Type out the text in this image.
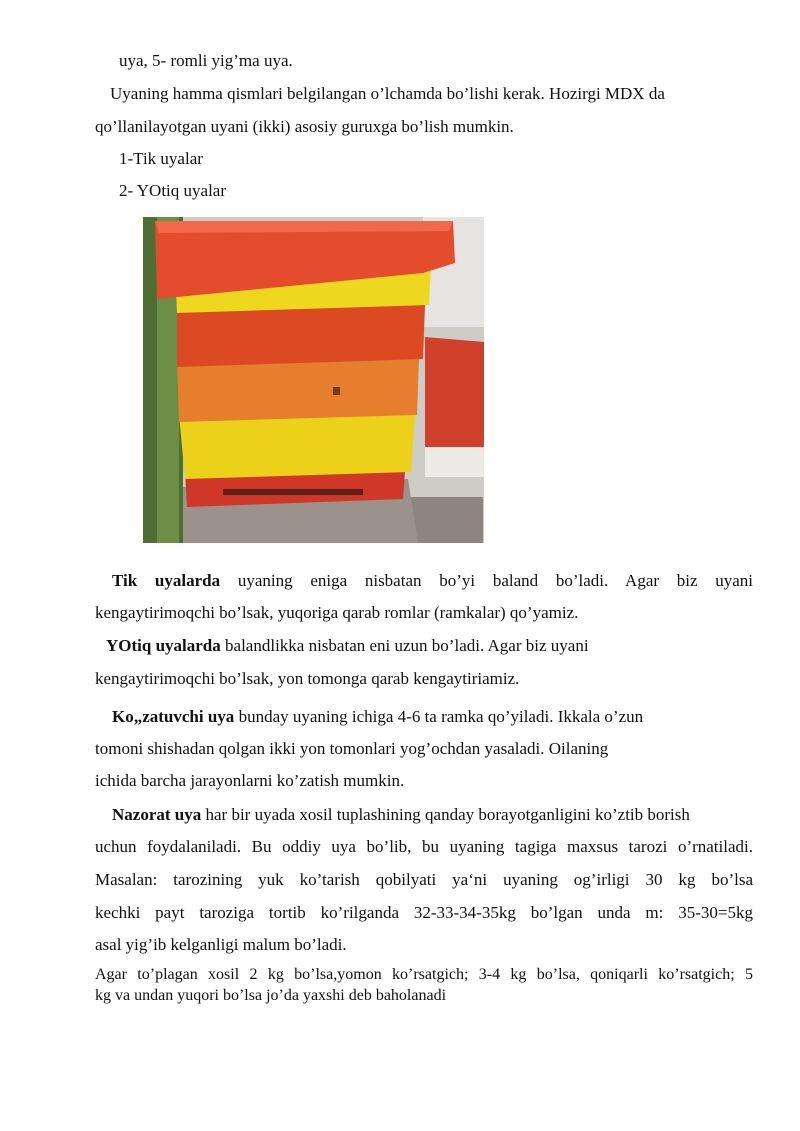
uya, 5- romli yig’ma uya.
Uyaning hamma qismlari belgilangan o’lchamda bo’lishi kerak. Hozirgi MDX da
qo’llanilayotgan uyani (ikki) asosiy guruxga bo’lish mumkin.
1-Tik uyalar
2- YOtiq uyalar
Tik uyalarda uyaning eniga nisbatan bo’yi baland bo’ladi. Agar biz uyani
kengaytirimoqchi bo’lsak, yuqoriga qarab romlar (ramkalar) qo’yamiz.
YOtiq uyalarda balandlikka nisbatan eni uzun bo’ladi. Agar biz uyani
kengaytirimoqchi bo’lsak, yon tomonga qarab kengaytiriamiz.
Ko„zatuvchi uya bunday uyaning ichiga 4-6 ta ramka qo’yiladi. Ikkala o’zun
tomoni shishadan qolgan ikki yon tomonlari yog’ochdan yasaladi. Oilaning
ichida barcha jarayonlarni ko’zatish mumkin.
Nazorat uya har bir uyada xosil tuplashining qanday borayotganligini ko’ztib borish
uchun foydalaniladi. Bu oddiy uya bo’lib, bu uyaning tagiga maxsus tarozi o’rnatiladi.
Masalan: tarozining yuk ko’tarish qobilyati ya‘ni uyaning og’irligi 30 kg bo’lsa
kechki payt taroziga tortib ko’rilganda 32-33-34-35kg bo’lgan unda m: 35-30=5kg
asal yig’ib kelganligi malum bo’ladi.
Agar to’plagan xosil 2 kg bo’lsa,yomon ko’rsatgich; 3-4 kg bo’lsa, qoniqarli ko’rsatgich; 5
kg va undan yuqori bo’lsa jo’da yaxshi deb baholanadi
